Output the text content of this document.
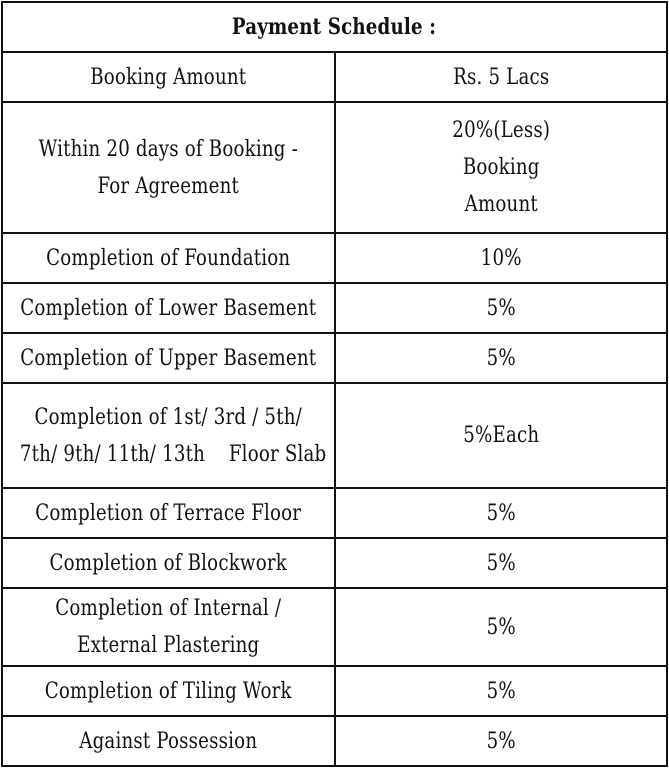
Payment Schedule :	

Booking Amount	Rs. 5 Lacs

Within 20 days of Booking -
For Agreement	20%(Less)
Booking
Amount

Completion of Foundation	10%

Completion of Lower Basement	5%

Completion of Upper Basement	5%

Completion of 1st/ 3rd / 5th/
7th/ 9th/ 11th/ 13th    Floor Slab	5%Each

Completion of Terrace Floor	5%

Completion of Blockwork	5%

Completion of Internal /
External Plastering	5%

Completion of Tiling Work	5%

Against Possession	5%
